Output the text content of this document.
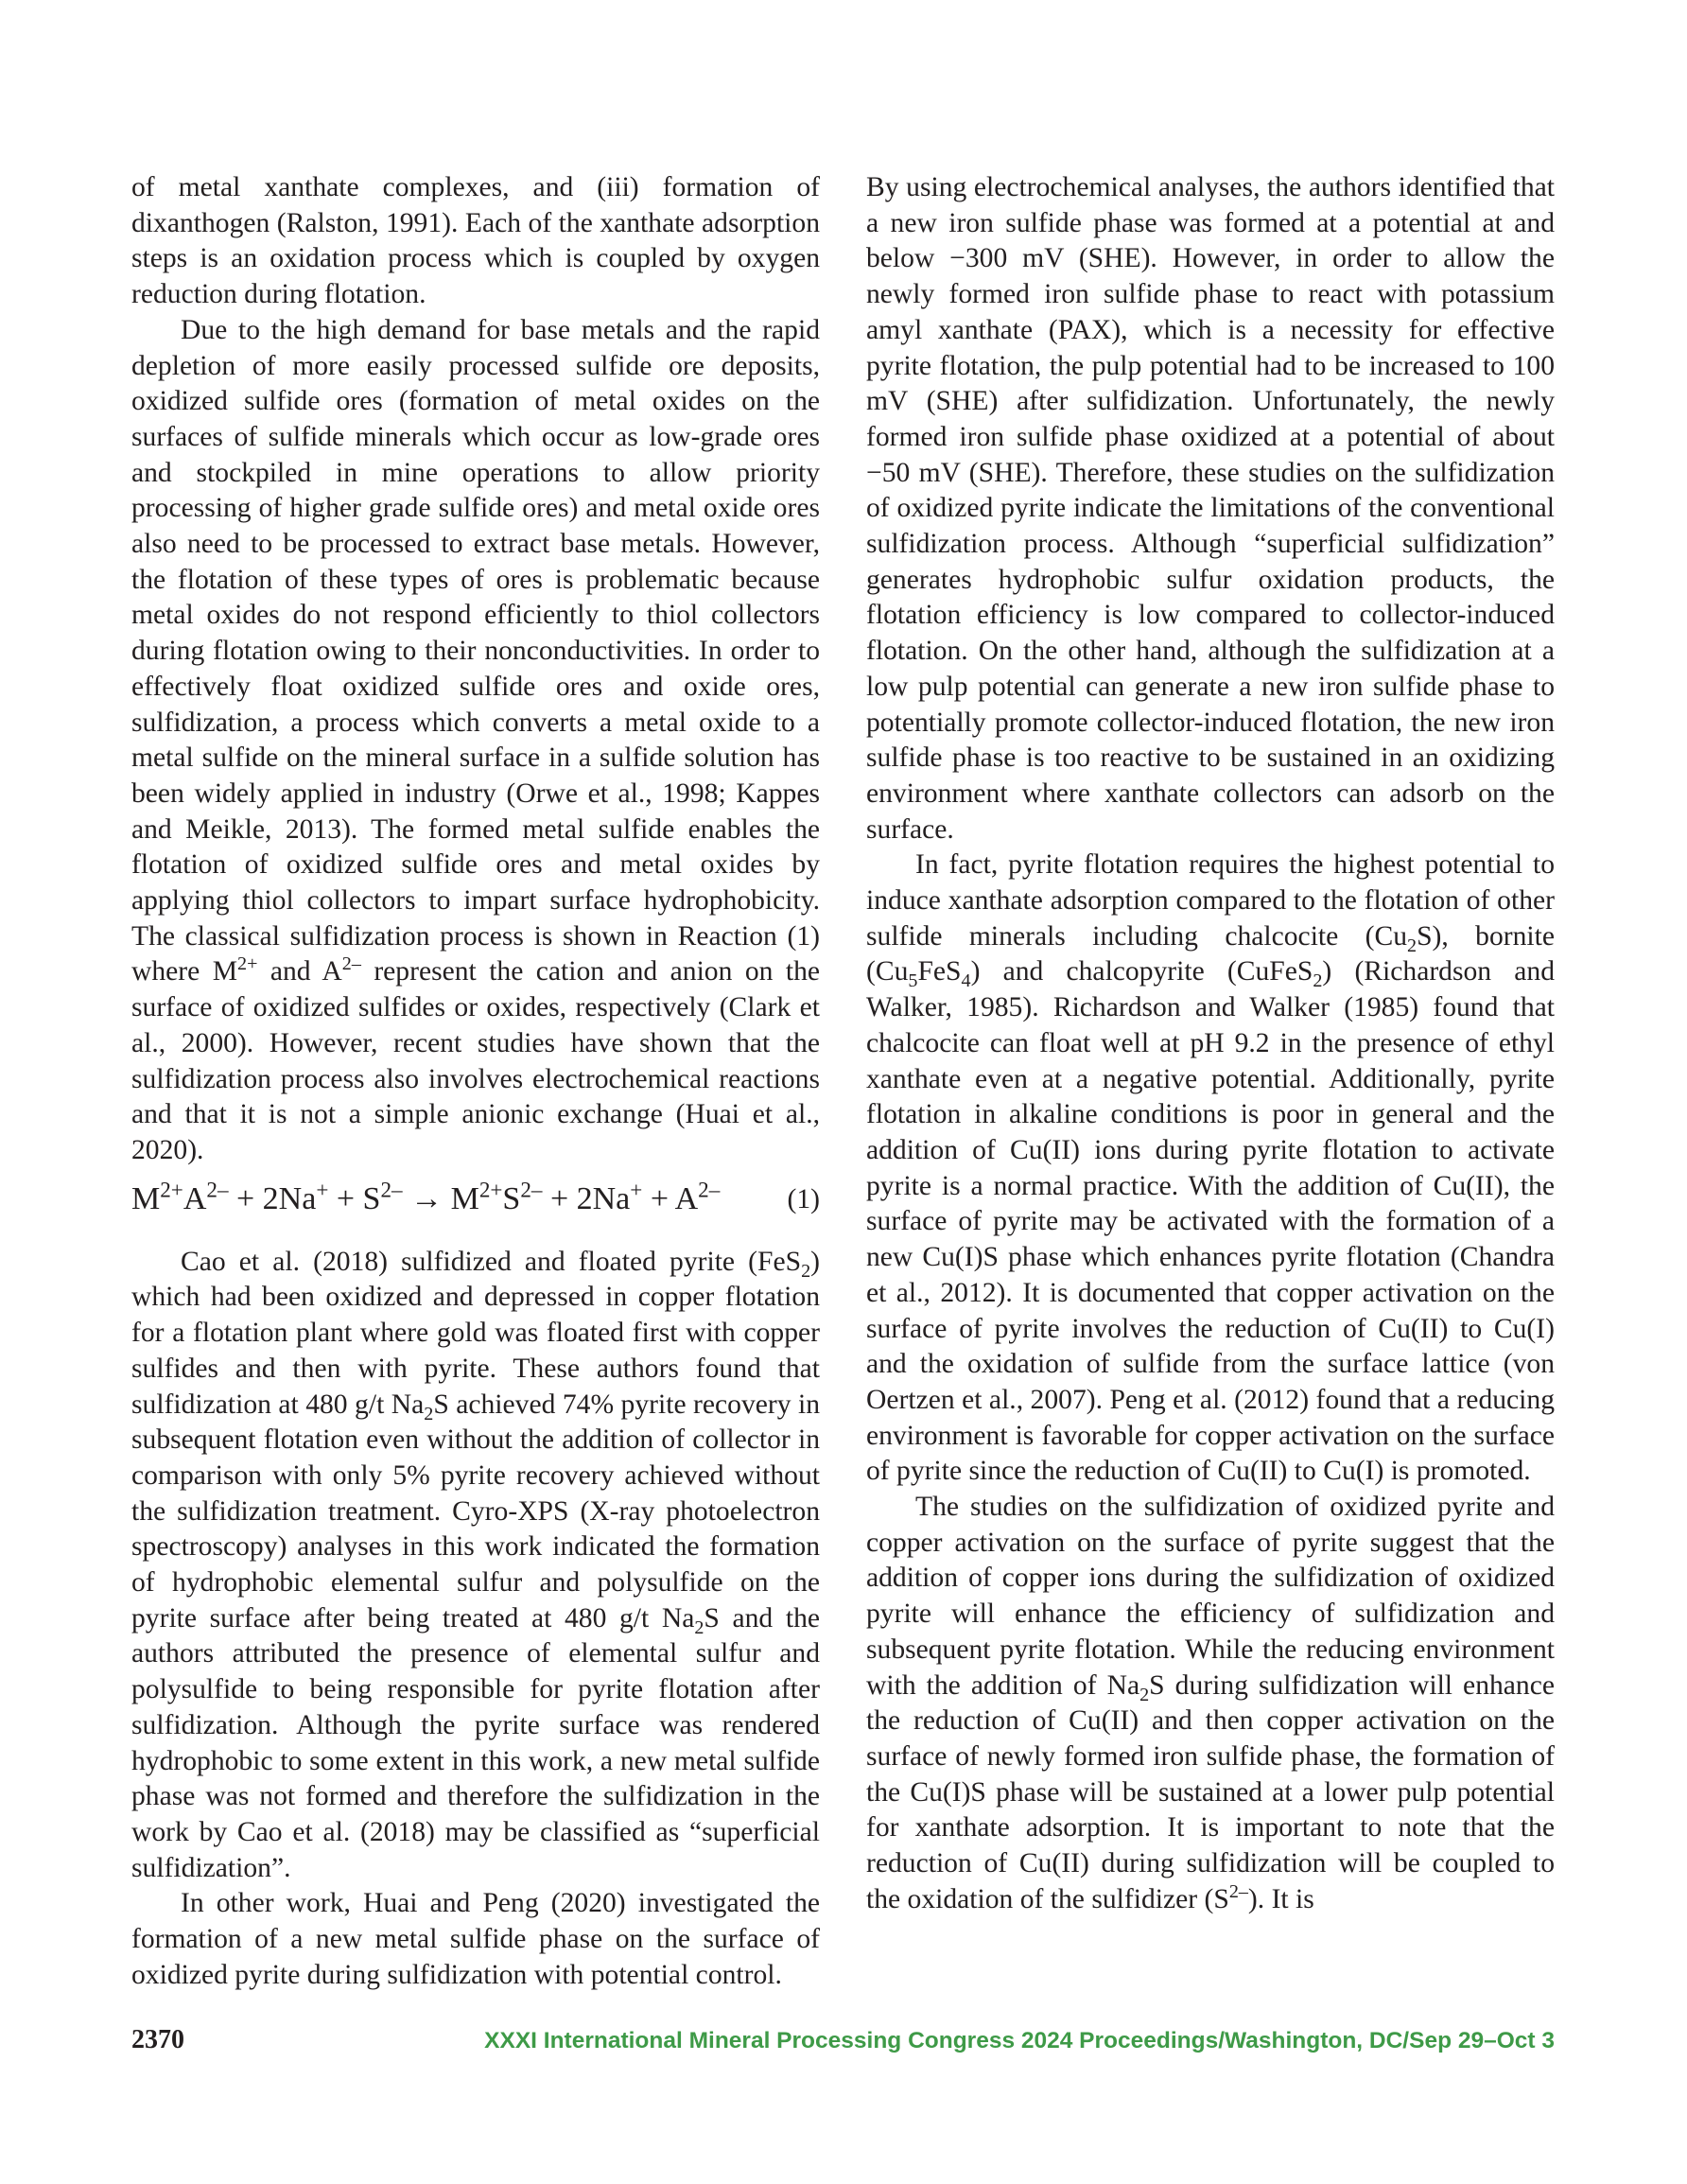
of metal xanthate complexes, and (iii) formation of dixanthogen (Ralston, 1991). Each of the xanthate adsorption steps is an oxidation process which is coupled by oxygen reduction during flotation.

Due to the high demand for base metals and the rapid depletion of more easily processed sulfide ore deposits, oxidized sulfide ores (formation of metal oxides on the surfaces of sulfide minerals which occur as low-grade ores and stockpiled in mine operations to allow priority processing of higher grade sulfide ores) and metal oxide ores also need to be processed to extract base metals. However, the flotation of these types of ores is problematic because metal oxides do not respond efficiently to thiol collectors during flotation owing to their nonconductivities. In order to effectively float oxidized sulfide ores and oxide ores, sulfidization, a process which converts a metal oxide to a metal sulfide on the mineral surface in a sulfide solution has been widely applied in industry (Orwe et al., 1998; Kappes and Meikle, 2013). The formed metal sulfide enables the flotation of oxidized sulfide ores and metal oxides by applying thiol collectors to impart surface hydrophobicity. The classical sulfidization process is shown in Reaction (1) where $M^{2+}$ and $A^{2-}$ represent the cation and anion on the surface of oxidized sulfides or oxides, respectively (Clark et al., 2000). However, recent studies have shown that the sulfidization process also involves electrochemical reactions and that it is not a simple anionic exchange (Huai et al., 2020).

$M^{2+}A^{2-} + 2Na^+ + S^{2-} \to M^{2+}S^{2-} + 2Na^+ + A^{2-}$ (1)

Cao et al. (2018) sulfidized and floated pyrite (FeS$_2$) which had been oxidized and depressed in copper flotation for a flotation plant where gold was floated first with copper sulfides and then with pyrite. These authors found that sulfidization at 480 g/t $Na_2S$ achieved 74% pyrite recovery in subsequent flotation even without the addition of collector in comparison with only 5% pyrite recovery achieved without the sulfidization treatment. Cyro-XPS (X-ray photoelectron spectroscopy) analyses in this work indicated the formation of hydrophobic elemental sulfur and polysulfide on the pyrite surface after being treated at 480 g/t $Na_2S$ and the authors attributed the presence of elemental sulfur and polysulfide to being responsible for pyrite flotation after sulfidization. Although the pyrite surface was rendered hydrophobic to some extent in this work, a new metal sulfide phase was not formed and therefore the sulfidization in the work by Cao et al. (2018) may be classified as “superficial sulfidization”.

In other work, Huai and Peng (2020) investigated the formation of a new metal sulfide phase on the surface of oxidized pyrite during sulfidization with potential control.

By using electrochemical analyses, the authors identified that a new iron sulfide phase was formed at a potential at and below −300 mV (SHE). However, in order to allow the newly formed iron sulfide phase to react with potassium amyl xanthate (PAX), which is a necessity for effective pyrite flotation, the pulp potential had to be increased to 100 mV (SHE) after sulfidization. Unfortunately, the newly formed iron sulfide phase oxidized at a potential of about −50 mV (SHE). Therefore, these studies on the sulfidization of oxidized pyrite indicate the limitations of the conventional sulfidization process. Although “superficial sulfidization” generates hydrophobic sulfur oxidation products, the flotation efficiency is low compared to collector-induced flotation. On the other hand, although the sulfidization at a low pulp potential can generate a new iron sulfide phase to potentially promote collector-induced flotation, the new iron sulfide phase is too reactive to be sustained in an oxidizing environment where xanthate collectors can adsorb on the surface.

In fact, pyrite flotation requires the highest potential to induce xanthate adsorption compared to the flotation of other sulfide minerals including chalcocite $(Cu_2S)$, bornite $(Cu_5FeS_4)$ and chalcopyrite (CuFeS$_2$) (Richardson and Walker, 1985). Richardson and Walker (1985) found that chalcocite can float well at pH 9.2 in the presence of ethyl xanthate even at a negative potential. Additionally, pyrite flotation in alkaline conditions is poor in general and the addition of Cu(II) ions during pyrite flotation to activate pyrite is a normal practice. With the addition of Cu(II), the surface of pyrite may be activated with the formation of a new Cu(I)S phase which enhances pyrite flotation (Chandra et al., 2012). It is documented that copper activation on the surface of pyrite involves the reduction of Cu(II) to Cu(I) and the oxidation of sulfide from the surface lattice (von Oertzen et al., 2007). Peng et al. (2012) found that a reducing environment is favorable for copper activation on the surface of pyrite since the reduction of Cu(II) to Cu(I) is promoted.

The studies on the sulfidization of oxidized pyrite and copper activation on the surface of pyrite suggest that the addition of copper ions during the sulfidization of oxidized pyrite will enhance the efficiency of sulfidization and subsequent pyrite flotation. While the reducing environment with the addition of $Na_2S$ during sulfidization will enhance the reduction of Cu(II) and then copper activation on the surface of newly formed iron sulfide phase, the formation of the Cu(I)S phase will be sustained at a lower pulp potential for xanthate adsorption. It is important to note that the reduction of Cu(II) during sulfidization will be coupled to the oxidation of the sulfidizer $(S^{2-})$. It is

2370	XXXI International Mineral Processing Congress 2024 Proceedings/Washington, DC/Sep 29–Oct 3
